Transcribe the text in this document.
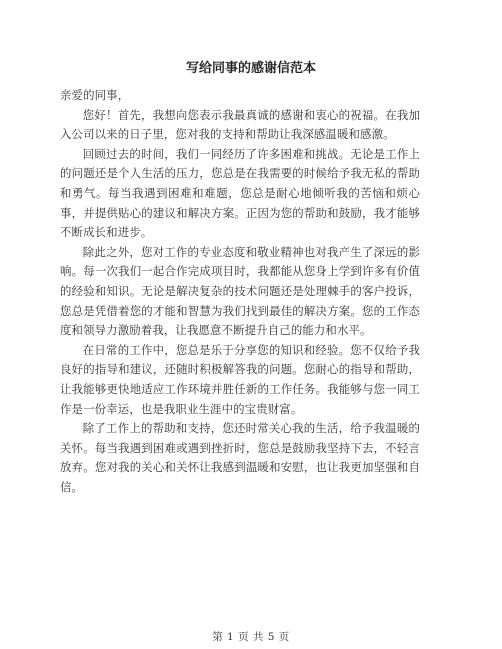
写给同事的感谢信范本

亲爱的同事，

您好！首先，我想向您表示我最真诚的感谢和衷心的祝福。在我加入公司以来的日子里，您对我的支持和帮助让我深感温暖和感激。

回顾过去的时间，我们一同经历了许多困难和挑战。无论是工作上的问题还是个人生活的压力，您总是在我需要的时候给予我无私的帮助和勇气。每当我遇到困难和难题，您总是耐心地倾听我的苦恼和烦心事，并提供贴心的建议和解决方案。正因为您的帮助和鼓励，我才能够不断成长和进步。

除此之外，您对工作的专业态度和敬业精神也对我产生了深远的影响。每一次我们一起合作完成项目时，我都能从您身上学到许多有价值的经验和知识。无论是解决复杂的技术问题还是处理棘手的客户投诉，您总是凭借着您的才能和智慧为我们找到最佳的解决方案。您的工作态度和领导力激励着我，让我愿意不断提升自己的能力和水平。

在日常的工作中，您总是乐于分享您的知识和经验。您不仅给予我良好的指导和建议，还随时积极解答我的问题。您耐心的指导和帮助，让我能够更快地适应工作环境并胜任新的工作任务。我能够与您一同工作是一份幸运，也是我职业生涯中的宝贵财富。

除了工作上的帮助和支持，您还时常关心我的生活，给予我温暖的关怀。每当我遇到困难或遇到挫折时，您总是鼓励我坚持下去，不轻言放弃。您对我的关心和关怀让我感到温暖和安慰，也让我更加坚强和自信。

第 1 页 共 5 页
